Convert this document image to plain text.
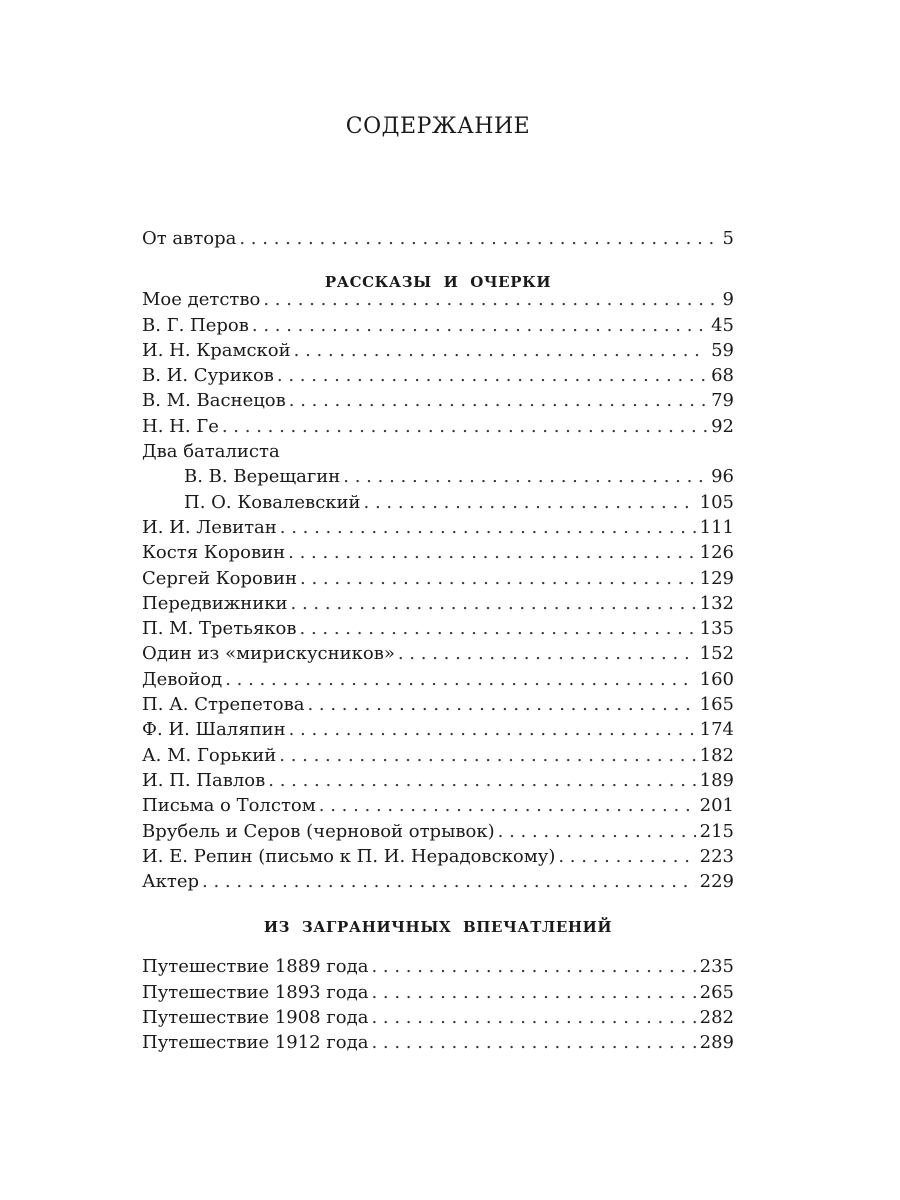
СОДЕРЖАНИЕ
От автора . . .	5

РАССКАЗЫ И ОЧЕРКИ

Мое детство . . .	9
В. Г. Перов . . .	45
И. Н. Крамской . . .	59
В. И. Суриков . . .	68
В. М. Васнецов . . .	79
Н. Н. Ге . . .	92
Два баталиста
В. В. Верещагин . . .	96
П. О. Ковалевский . . .	105
И. И. Левитан . . .	111
Костя Коровин . . .	126
Сергей Коровин . . .	129
Передвижники . . .	132
П. М. Третьяков . . .	135
Один из «мирискусников» . . .	152
Девойод . . .	160
П. А. Стрепетова . . .	165
Ф. И. Шаляпин . . .	174
А. М. Горький . . .	182
И. П. Павлов . . .	189
Письма о Толстом . . .	201
Врубель и Серов (черновой отрывок) . . .	215
И. Е. Репин (письмо к П. И. Нерадовскому) . . .	223
Актер . . .	229

ИЗ ЗАГРАНИЧНЫХ ВПЕЧАТЛЕНИЙ

Путешествие 1889 года . . .	235
Путешествие 1893 года . . .	265
Путешествие 1908 года . . .	282
Путешествие 1912 года . . .	289
